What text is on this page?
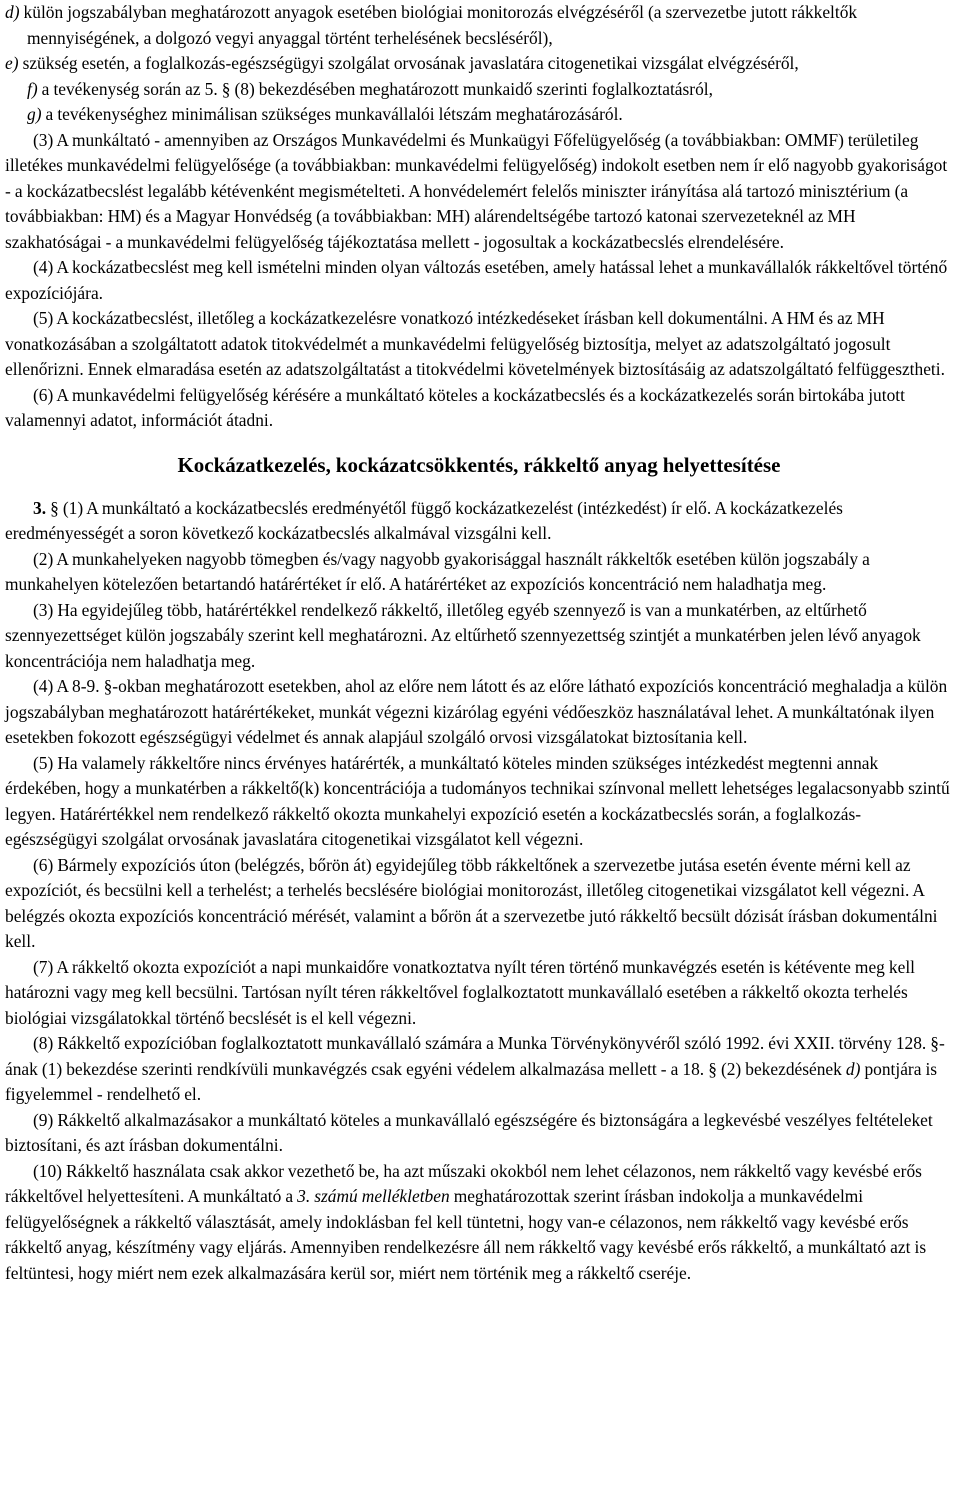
d) külön jogszabályban meghatározott anyagok esetében biológiai monitorozás elvégzéséről (a szervezetbe jutott rákkeltők mennyiségének, a dolgozó vegyi anyaggal történt terhelésének becsléséről),

e) szükség esetén, a foglalkozás-egészségügyi szolgálat orvosának javaslatára citogenetikai vizsgálat elvégzéséről,

f) a tevékenység során az 5. § (8) bekezdésében meghatározott munkaidő szerinti foglalkoztatásról,

g) a tevékenységhez minimálisan szükséges munkavállalói létszám meghatározásáról.

(3) A munkáltató - amennyiben az Országos Munkavédelmi és Munkaügyi Főfelügyelőség (a továbbiakban: OMMF) területileg illetékes munkavédelmi felügyelősége (a továbbiakban: munkavédelmi felügyelőség) indokolt esetben nem ír elő nagyobb gyakoriságot - a kockázatbecslést legalább kétévenként megismételteti. A honvédelemért felelős miniszter irányítása alá tartozó minisztérium (a továbbiakban: HM) és a Magyar Honvédség (a továbbiakban: MH) alárendeltségébe tartozó katonai szervezeteknél az MH szakhatóságai - a munkavédelmi felügyelőség tájékoztatása mellett - jogosultak a kockázatbecslés elrendelésére.

(4) A kockázatbecslést meg kell ismételni minden olyan változás esetében, amely hatással lehet a munkavállalók rákkeltővel történő expozíciójára.

(5) A kockázatbecslést, illetőleg a kockázatkezelésre vonatkozó intézkedéseket írásban kell dokumentálni. A HM és az MH vonatkozásában a szolgáltatott adatok titokvédelmét a munkavédelmi felügyelőség biztosítja, melyet az adatszolgáltató jogosult ellenőrizni. Ennek elmaradása esetén az adatszolgáltatást a titokvédelmi követelmények biztosításáig az adatszolgáltató felfüggesztheti.

(6) A munkavédelmi felügyelőség kérésére a munkáltató köteles a kockázatbecslés és a kockázatkezelés során birtokába jutott valamennyi adatot, információt átadni.

Kockázatkezelés, kockázatcsökkentés, rákkeltő anyag helyettesítése

3. § (1) A munkáltató a kockázatbecslés eredményétől függő kockázatkezelést (intézkedést) ír elő. A kockázatkezelés eredményességét a soron következő kockázatbecslés alkalmával vizsgálni kell.

(2) A munkahelyeken nagyobb tömegben és/vagy nagyobb gyakorisággal használt rákkeltők esetében külön jogszabály a munkahelyen kötelezően betartandó határértéket ír elő. A határértéket az expozíciós koncentráció nem haladhatja meg.

(3) Ha egyidejűleg több, határértékkel rendelkező rákkeltő, illetőleg egyéb szennyező is van a munkatérben, az eltűrhető szennyezettséget külön jogszabály szerint kell meghatározni. Az eltűrhető szennyezettség szintjét a munkatérben jelen lévő anyagok koncentrációja nem haladhatja meg.

(4) A 8-9. §-okban meghatározott esetekben, ahol az előre nem látott és az előre látható expozíciós koncentráció meghaladja a külön jogszabályban meghatározott határértékeket, munkát végezni kizárólag egyéni védőeszköz használatával lehet. A munkáltatónak ilyen esetekben fokozott egészségügyi védelmet és annak alapjául szolgáló orvosi vizsgálatokat biztosítania kell.

(5) Ha valamely rákkeltőre nincs érvényes határérték, a munkáltató köteles minden szükséges intézkedést megtenni annak érdekében, hogy a munkatérben a rákkeltő(k) koncentrációja a tudományos technikai színvonal mellett lehetséges legalacsonyabb szintű legyen. Határértékkel nem rendelkező rákkeltő okozta munkahelyi expozíció esetén a kockázatbecslés során, a foglalkozás-egészségügyi szolgálat orvosának javaslatára citogenetikai vizsgálatot kell végezni.

(6) Bármely expozíciós úton (belégzés, bőrön át) egyidejűleg több rákkeltőnek a szervezetbe jutása esetén évente mérni kell az expozíciót, és becsülni kell a terhelést; a terhelés becslésére biológiai monitorozást, illetőleg citogenetikai vizsgálatot kell végezni. A belégzés okozta expozíciós koncentráció mérését, valamint a bőrön át a szervezetbe jutó rákkeltő becsült dózisát írásban dokumentálni kell.

(7) A rákkeltő okozta expozíciót a napi munkaidőre vonatkoztatva nyílt téren történő munkavégzés esetén is kétévente meg kell határozni vagy meg kell becsülni. Tartósan nyílt téren rákkeltővel foglalkoztatott munkavállaló esetében a rákkeltő okozta terhelés biológiai vizsgálatokkal történő becslését is el kell végezni.

(8) Rákkeltő expozícióban foglalkoztatott munkavállaló számára a Munka Törvénykönyvéről szóló 1992. évi XXII. törvény 128. §-ának (1) bekezdése szerinti rendkívüli munkavégzés csak egyéni védelem alkalmazása mellett - a 18. § (2) bekezdésének d) pontjára is figyelemmel - rendelhető el.

(9) Rákkeltő alkalmazásakor a munkáltató köteles a munkavállaló egészségére és biztonságára a legkevésbé veszélyes feltételeket biztosítani, és azt írásban dokumentálni.

(10) Rákkeltő használata csak akkor vezethető be, ha azt műszaki okokból nem lehet célazonos, nem rákkeltő vagy kevésbé erős rákkeltővel helyettesíteni. A munkáltató a 3. számú mellékletben meghatározottak szerint írásban indokolja a munkavédelmi felügyelőségnek a rákkeltő választását, amely indoklásban fel kell tüntetni, hogy van-e célazonos, nem rákkeltő vagy kevésbé erős rákkeltő anyag, készítmény vagy eljárás. Amennyiben rendelkezésre áll nem rákkeltő vagy kevésbé erős rákkeltő, a munkáltató azt is feltüntesi, hogy miért nem ezek alkalmazására kerül sor, miért nem történik meg a rákkeltő cseréje.
